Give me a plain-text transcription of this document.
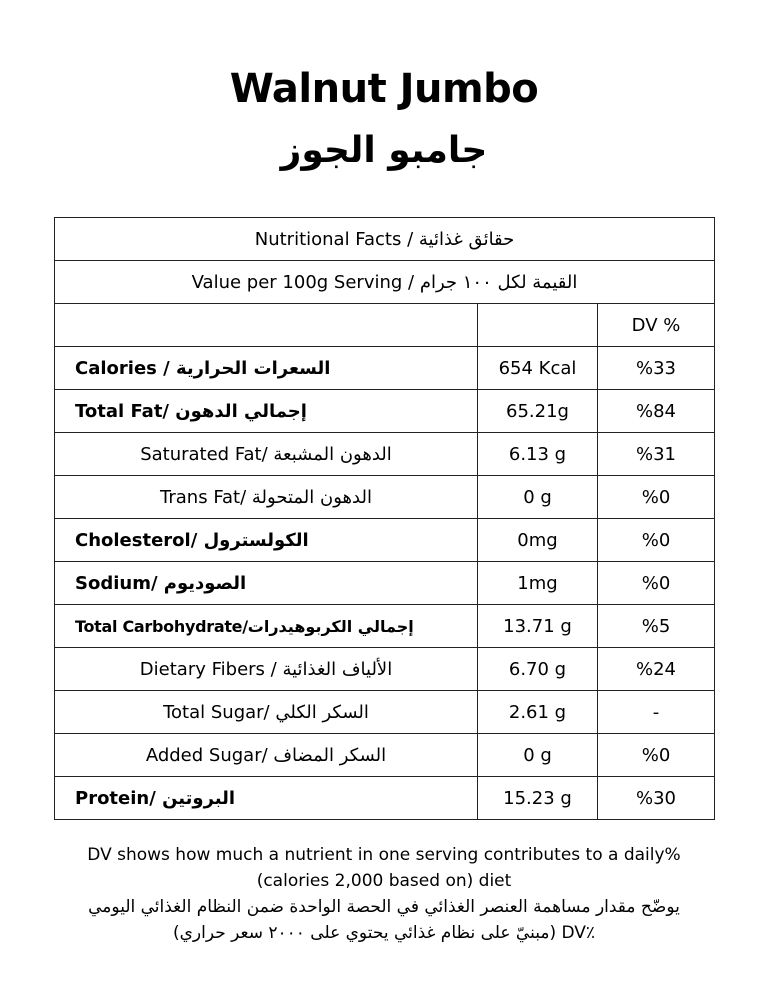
Walnut Jumbo
جامبو الجوز
Nutritional Facts / حقائق غذائية		
Value per 100g Serving / القيمة لكل ١٠٠ جرام		
		DV %
Calories / السعرات الحرارية	654 Kcal	%33
Total Fat/ إجمالي الدهون	65.21g	%84
Saturated Fat/ الدهون المشبعة	6.13 g	%31
Trans Fat/ الدهون المتحولة	0 g	%0
Cholesterol/ الكولسترول	0mg	%0
Sodium/ الصوديوم	1mg	%0
Total Carbohydrate/إجمالي الكربوهيدرات	13.71 g	%5
Dietary Fibers / الألياف الغذائية	6.70 g	%24
Total Sugar/ السكر الكلي	2.61 g	-
Added Sugar/ السكر المضاف	0 g	%0
Protein/ البروتين	15.23 g	%30
DV shows how much a nutrient in one serving contributes to a daily%
(calories 2,000 based on) diet
يوضّح مقدار مساهمة العنصر الغذائي في الحصة الواحدة ضمن النظام الغذائي اليومي
(مبنيّ على نظام غذائي يحتوي على ٢٠٠٠ سعر حراري) DV٪
